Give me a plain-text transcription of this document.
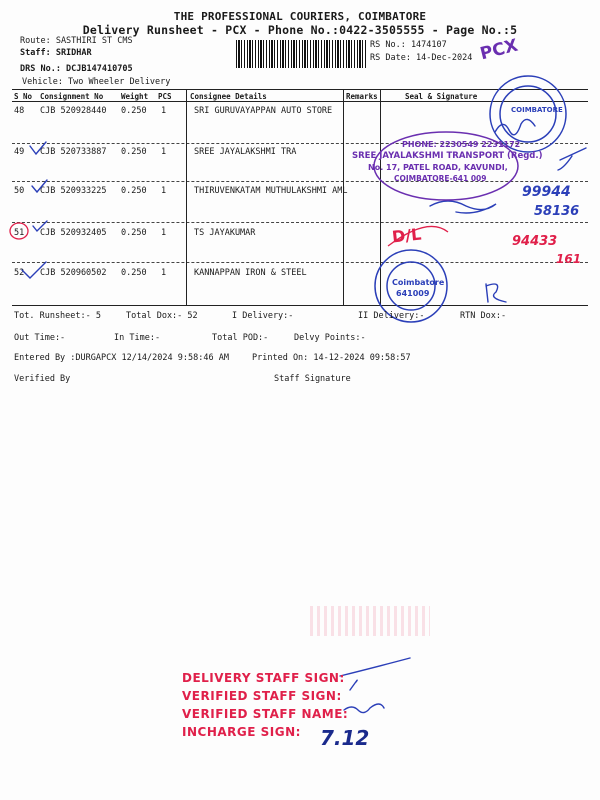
THE PROFESSIONAL COURIERS, COIMBATORE
Delivery Runsheet - PCX - Phone No.:0422-3505555 - Page No.:5
Route: SASTHIRI ST CMS
Staff: SRIDHAR
DRS No.: DCJB147410705
Vehicle: Two Wheeler Delivery
RS No.: 1474107
RS Date: 14-Dec-2024 PCX
S No Consignment No Weight PCS Consignee Details	Remarks	Seal & Signature
48 CJB 520928440 0.250 1	SRI GURUVAYAPPAN AUTO STORE
49 CJB 520733887 0.250 1	SREE JAYALAKSHMI TRA
50 CJB 520933225 0.250 1	THIRUVENKATAM MUTHULAKSHMI AML
51 CJB 520932405 0.250 1	TS JAYAKUMAR
52 CJB 520960502 0.250 1	KANNAPPAN IRON & STEEL
COIMBATORE
PHONE: 2230549 2231172
SREE JAYALAKSHMI TRANSPORT (Regd.)
No. 17, PATEL ROAD, KAVUNDI,
COIMBATORE-641 009
Coimbatore
641009
D/L
99944
58136
94433
161
Tot. Runsheet:- 5	Total Dox:- 52	I Delivery:-	II Delivery:-	RTN Dox:-
Out Time:-	In Time:-	Total POD:-	Delvy Points:-
Entered By :DURGAPCX 12/14/2024 9:58:46 AM	Printed On: 14-12-2024 09:58:57
Verified By	Staff Signature
DELIVERY STAFF SIGN:
VERIFIED STAFF SIGN:
VERIFIED STAFF NAME:
INCHARGE SIGN: 7.12
